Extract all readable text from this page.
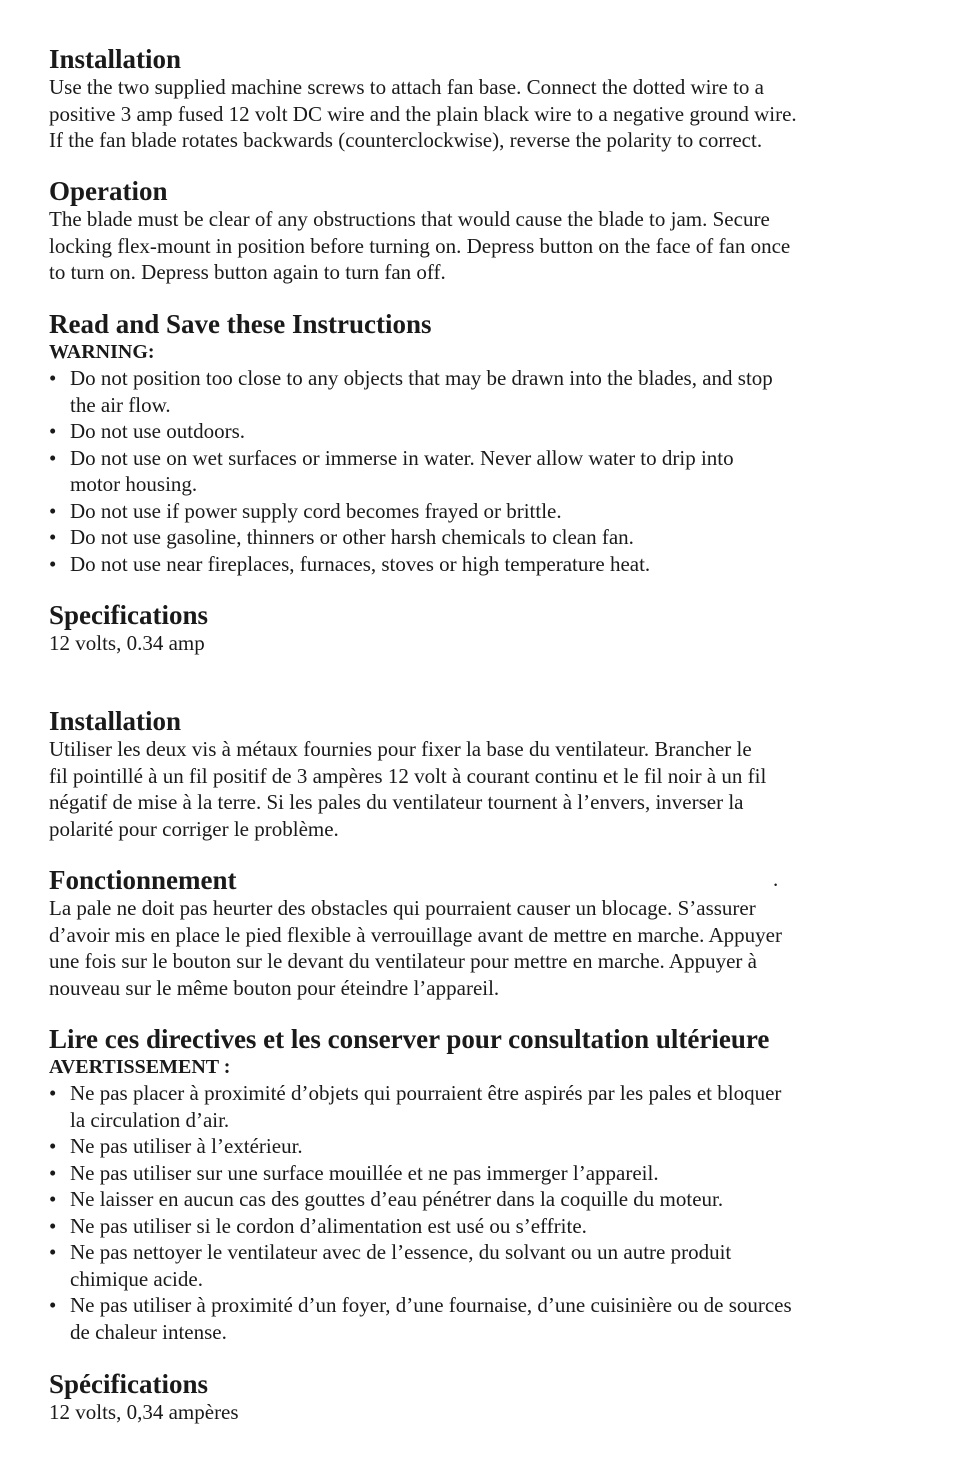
Installation

Use the two supplied machine screws to attach fan base. Connect the dotted wire to a
positive 3 amp fused 12 volt DC wire and the plain black wire to a negative ground wire.
If the fan blade rotates backwards (counterclockwise), reverse the polarity to correct.

Operation

The blade must be clear of any obstructions that would cause the blade to jam. Secure
locking flex-mount in position before turning on. Depress button on the face of fan once
to turn on. Depress button again to turn fan off.

Read and Save these Instructions
WARNING:
• Do not position too close to any objects that may be drawn into the blades, and stop
the air flow.
• Do not use outdoors.
• Do not use on wet surfaces or immerse in water. Never allow water to drip into
motor housing.
• Do not use if power supply cord becomes frayed or brittle.
• Do not use gasoline, thinners or other harsh chemicals to clean fan.
• Do not use near fireplaces, furnaces, stoves or high temperature heat.
Specifications

12 volts, 0.34 amp

Installation

Utiliser les deux vis à métaux fournies pour fixer la base du ventilateur. Brancher le
fil pointillé à un fil positif de 3 ampères 12 volt à courant continu et le fil noir à un fil
négatif de mise à la terre. Si les pales du ventilateur tournent à l’envers, inverser la
polarité pour corriger le problème.

.
Fonctionnement

La pale ne doit pas heurter des obstacles qui pourraient causer un blocage. S’assurer
d’avoir mis en place le pied flexible à verrouillage avant de mettre en marche. Appuyer
une fois sur le bouton sur le devant du ventilateur pour mettre en marche. Appuyer à
nouveau sur le même bouton pour éteindre l’appareil.

Lire ces directives et les conserver pour consultation ultérieure
AVERTISSEMENT :
• Ne pas placer à proximité d’objets qui pourraient être aspirés par les pales et bloquer
la circulation d’air.
• Ne pas utiliser à l’extérieur.
• Ne pas utiliser sur une surface mouillée et ne pas immerger l’appareil.
• Ne laisser en aucun cas des gouttes d’eau pénétrer dans la coquille du moteur.
• Ne pas utiliser si le cordon d’alimentation est usé ou s’effrite.
• Ne pas nettoyer le ventilateur avec de l’essence, du solvant ou un autre produit
chimique acide.
• Ne pas utiliser à proximité d’un foyer, d’une fournaise, d’une cuisinière ou de sources
de chaleur intense.
Spécifications

12 volts, 0,34 ampères
